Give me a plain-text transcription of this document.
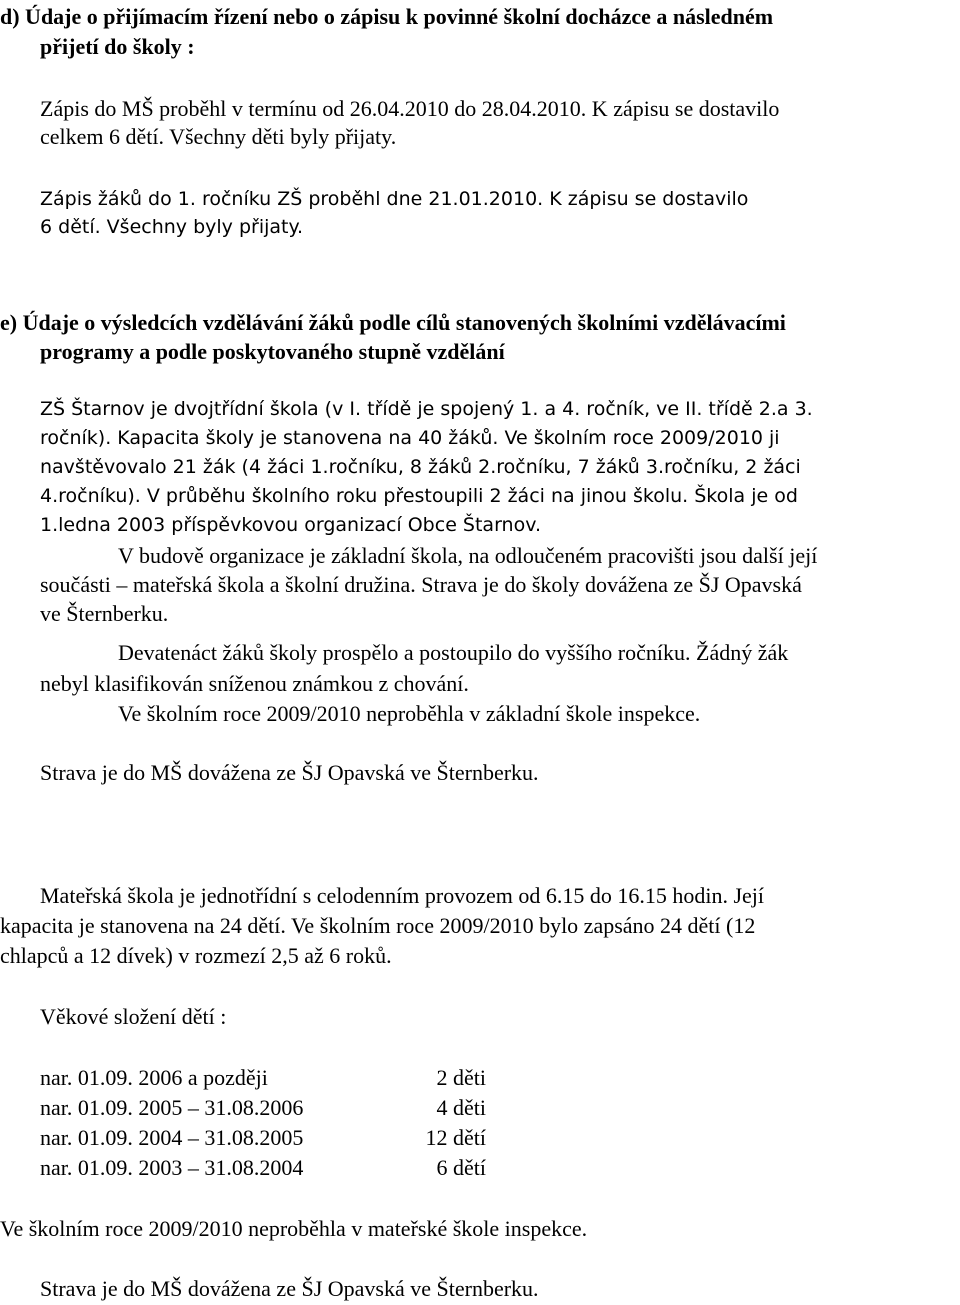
d) Údaje o přijímacím řízení nebo o zápisu k povinné školní docházce a následném
přijetí do školy :
Zápis do MŠ proběhl v termínu od 26.04.2010 do 28.04.2010. K zápisu se dostavilo
celkem 6 dětí. Všechny děti byly přijaty.
Zápis žáků do 1. ročníku ZŠ proběhl dne 21.01.2010. K zápisu se dostavilo
6 dětí. Všechny byly přijaty.
e) Údaje o výsledcích vzdělávání žáků podle cílů stanovených školními vzdělávacími
programy a podle poskytovaného stupně vzdělání
ZŠ Štarnov je dvojtřídní škola (v I. třídě je spojený 1. a 4. ročník, ve II. třídě 2.a 3.
ročník). Kapacita školy je stanovena na 40 žáků. Ve školním roce 2009/2010 ji
navštěvovalo 21 žák (4 žáci 1.ročníku, 8 žáků 2.ročníku, 7 žáků 3.ročníku, 2 žáci
4.ročníku). V průběhu školního roku přestoupili 2 žáci na jinou školu. Škola je od
1.ledna 2003 příspěvkovou organizací Obce Štarnov.
V budově organizace je základní škola, na odloučeném pracovišti jsou další její
součásti – mateřská škola a školní družina. Strava je do školy dovážena ze ŠJ Opavská
ve Šternberku.
Devatenáct žáků školy prospělo a postoupilo do vyššího ročníku. Žádný žák
nebyl klasifikován sníženou známkou z chování.
Ve školním roce 2009/2010 neproběhla v základní škole inspekce.
Strava je do MŠ dovážena ze ŠJ Opavská ve Šternberku.
Mateřská škola je jednotřídní s celodenním provozem od 6.15 do 16.15 hodin. Její
kapacita je stanovena na 24 dětí. Ve školním roce 2009/2010 bylo zapsáno 24 dětí (12
chlapců a 12 dívek) v rozmezí 2,5 až 6 roků.
Věkové složení dětí :
nar. 01.09. 2006 a později	2 děti
nar. 01.09. 2005 – 31.08.2006	4 děti
nar. 01.09. 2004 – 31.08.2005	12 dětí
nar. 01.09. 2003 – 31.08.2004	6 dětí
Ve školním roce 2009/2010 neproběhla v mateřské škole inspekce.
Strava je do MŠ dovážena ze ŠJ Opavská ve Šternberku.
